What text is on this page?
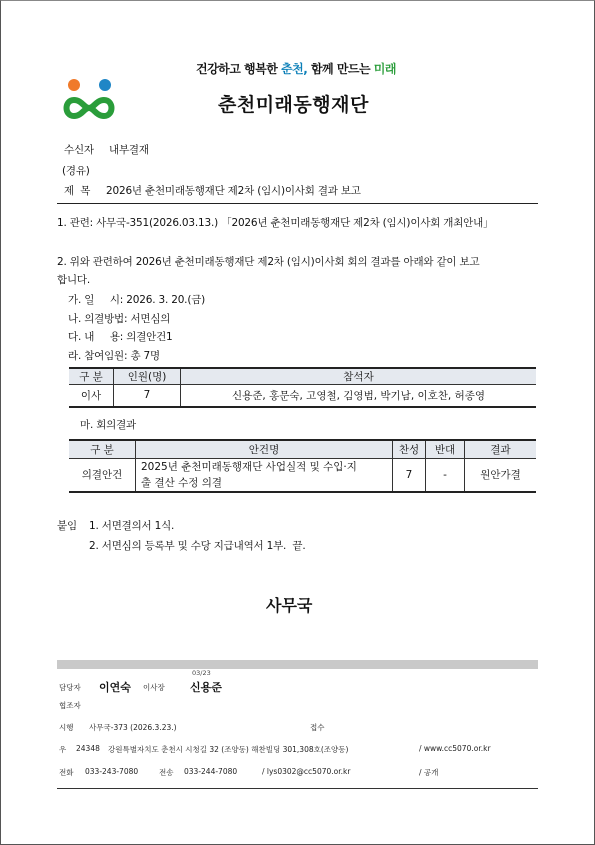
건강하고 행복한 춘천, 함께 만드는 미래
춘천미래동행재단
수신자 내부결재
(경유)
제  목 2026년 춘천미래동행재단 제2차 (임시)이사회 결과 보고
1. 관련: 사무국-351(2026.03.13.) 「2026년 춘천미래동행재단 제2차 (임시)이사회 개최안내」
2. 위와 관련하여 2026년 춘천미래동행재단 제2차 (임시)이사회 회의 결과를 아래와 같이 보고
합니다.
가. 일     시: 2026. 3. 20.(금)
나. 의결방법: 서면심의
다. 내     용: 의결안건1
라. 참여임원: 총 7명
구 분	인원(명)	참석자
이사	7	신용준, 홍문숙, 고영철, 김영범, 박기남, 이호찬, 허종영
마. 회의결과
구 분	안건명	찬성	반대	결과
의결안건	2025년 춘천미래동행재단 사업실적 및 수입·지
출 결산 수정 의결	7	-	원안가결
붙임 1. 서면결의서 1식.
2. 서면심의 등록부 및 수당 지급내역서 1부.  끝.
사무국
03/23
담당자 이연숙 이사장 신용준
협조자
시행 사무국-373 (2026.3.23.)	접수
우 24348 강원특별자치도 춘천시 시청길 32 (조양동) 해찬빌딩 301,308호(조양동)	/ www.cc5070.or.kr
전화 033-243-7080	전송 033-244-7080	/ lys0302@cc5070.or.kr	/ 공개
